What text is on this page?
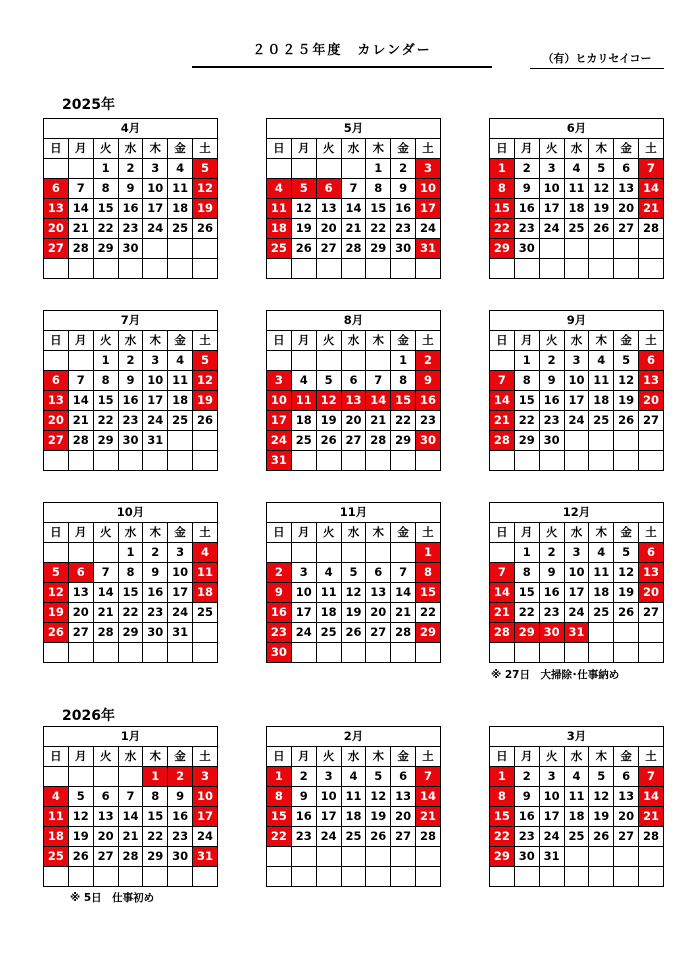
２０２５年度　カレンダー
（有）ヒカリセイコー
2025年
2026年
4月						
日	月	火	水	木	金	土
		1	2	3	4	5
6	7	8	9	10	11	12
13	14	15	16	17	18	19
20	21	22	23	24	25	26
27	28	29	30			

5月						
日	月	火	水	木	金	土
				1	2	3
4	5	6	7	8	9	10
11	12	13	14	15	16	17
18	19	20	21	22	23	24
25	26	27	28	29	30	31

6月						
日	月	火	水	木	金	土
1	2	3	4	5	6	7
8	9	10	11	12	13	14
15	16	17	18	19	20	21
22	23	24	25	26	27	28
29	30					

7月						
日	月	火	水	木	金	土
		1	2	3	4	5
6	7	8	9	10	11	12
13	14	15	16	17	18	19
20	21	22	23	24	25	26
27	28	29	30	31		

8月						
日	月	火	水	木	金	土
					1	2
3	4	5	6	7	8	9
10	11	12	13	14	15	16
17	18	19	20	21	22	23
24	25	26	27	28	29	30
31						
9月						
日	月	火	水	木	金	土
	1	2	3	4	5	6
7	8	9	10	11	12	13
14	15	16	17	18	19	20
21	22	23	24	25	26	27
28	29	30				

10月						
日	月	火	水	木	金	土
			1	2	3	4
5	6	7	8	9	10	11
12	13	14	15	16	17	18
19	20	21	22	23	24	25
26	27	28	29	30	31	

11月						
日	月	火	水	木	金	土
						1
2	3	4	5	6	7	8
9	10	11	12	13	14	15
16	17	18	19	20	21	22
23	24	25	26	27	28	29
30						
12月						
日	月	火	水	木	金	土
	1	2	3	4	5	6
7	8	9	10	11	12	13
14	15	16	17	18	19	20
21	22	23	24	25	26	27
28	29	30	31			

※ 27日　大掃除･仕事納め
1月						
日	月	火	水	木	金	土
				1	2	3
4	5	6	7	8	9	10
11	12	13	14	15	16	17
18	19	20	21	22	23	24
25	26	27	28	29	30	31

2月						
日	月	火	水	木	金	土
1	2	3	4	5	6	7
8	9	10	11	12	13	14
15	16	17	18	19	20	21
22	23	24	25	26	27	28

3月						
日	月	火	水	木	金	土
1	2	3	4	5	6	7
8	9	10	11	12	13	14
15	16	17	18	19	20	21
22	23	24	25	26	27	28
29	30	31				

※ 5日　仕事初め
